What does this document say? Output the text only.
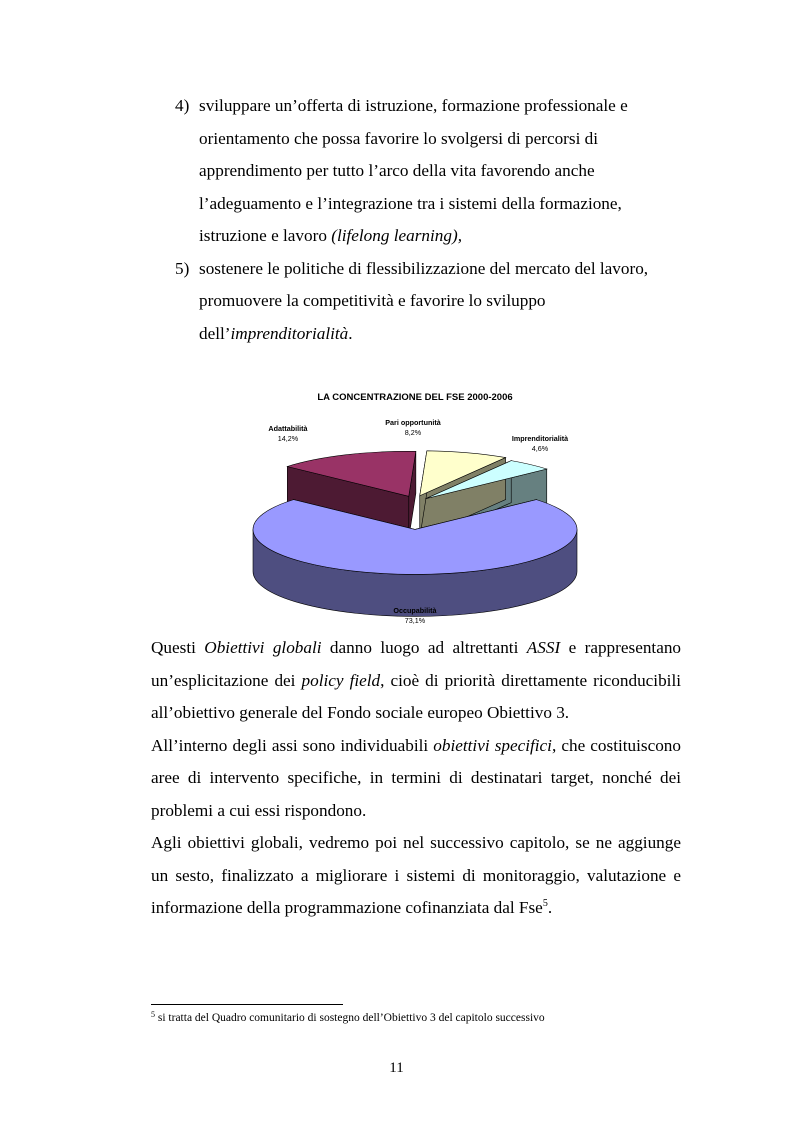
4) sviluppare un’offerta di istruzione, formazione professionale e orientamento che possa favorire lo svolgersi di percorsi di apprendimento per tutto l’arco della vita favorendo anche l’adeguamento e l’integrazione tra i sistemi della formazione, istruzione e lavoro (lifelong learning),
5) sostenere le politiche di flessibilizzazione del mercato del lavoro, promuovere la competitività e favorire lo sviluppo dell’imprenditorialità.
LA CONCENTRAZIONE DEL FSE 2000-2006
Occupabilità
73,1%
Adattabilità
14,2%
Pari opportunità
8,2%
Imprenditorialità
4,6%

Questi Obiettivi globali danno luogo ad altrettanti ASSI e rappresentano un’esplicitazione dei policy field, cioè di priorità direttamente riconducibili all’obiettivo generale del Fondo sociale europeo Obiettivo 3.

All’interno degli assi sono individuabili obiettivi specifici, che costituiscono aree di intervento specifiche, in termini di destinatari target, nonché dei problemi a cui essi rispondono.

Agli obiettivi globali, vedremo poi nel successivo capitolo, se ne aggiunge un sesto, finalizzato a migliorare i sistemi di monitoraggio, valutazione e informazione della programmazione cofinanziata dal Fse$^5$.

$^5$ si tratta del Quadro comunitario di sostegno dell’Obiettivo 3 del capitolo successivo
11
